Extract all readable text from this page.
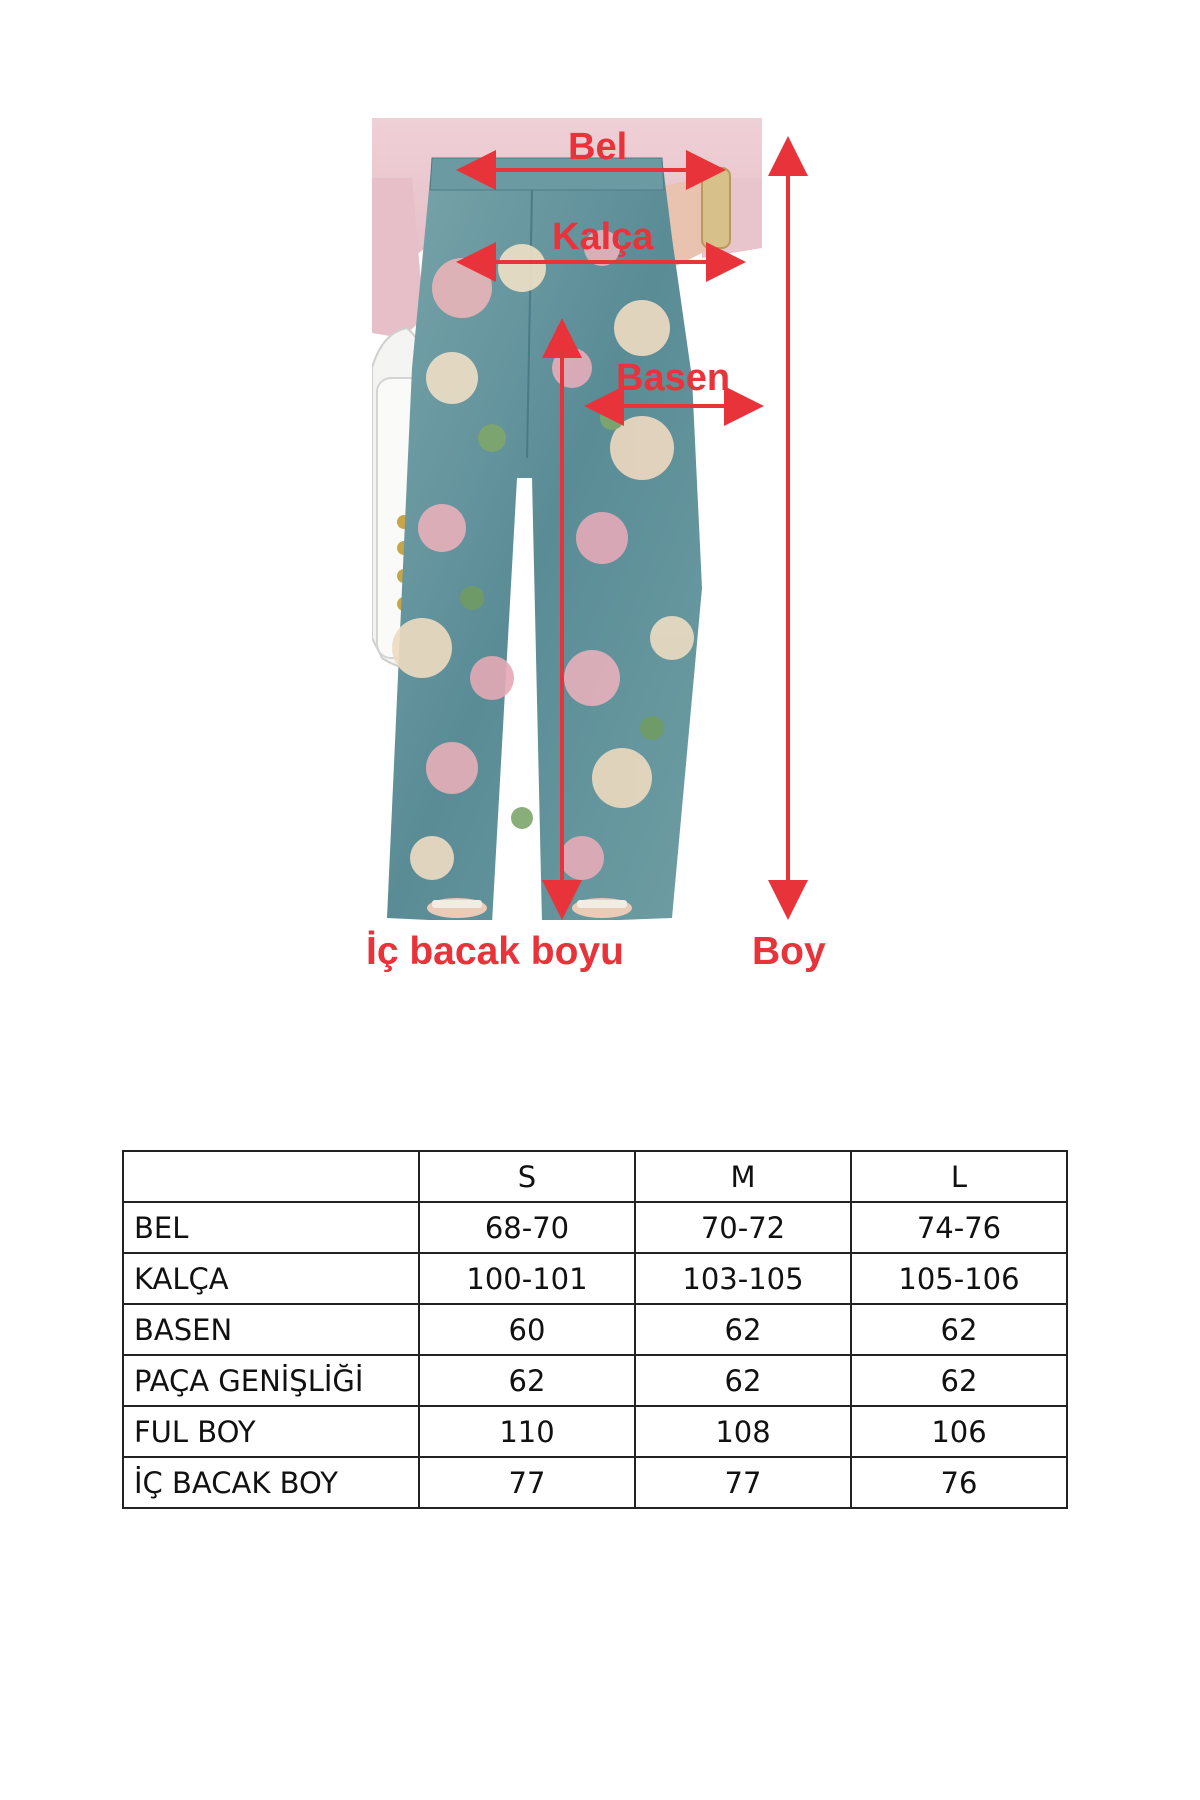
Bel
Kalça
Basen
İç bacak boyu	Boy
	S	M	L
BEL	68-70	70-72	74-76
KALÇA	100-101	103-105	105-106
BASEN	60	62	62
PAÇA GENİŞLİĞİ	62	62	62
FUL BOY	110	108	106
İÇ BACAK BOY	77	77	76
